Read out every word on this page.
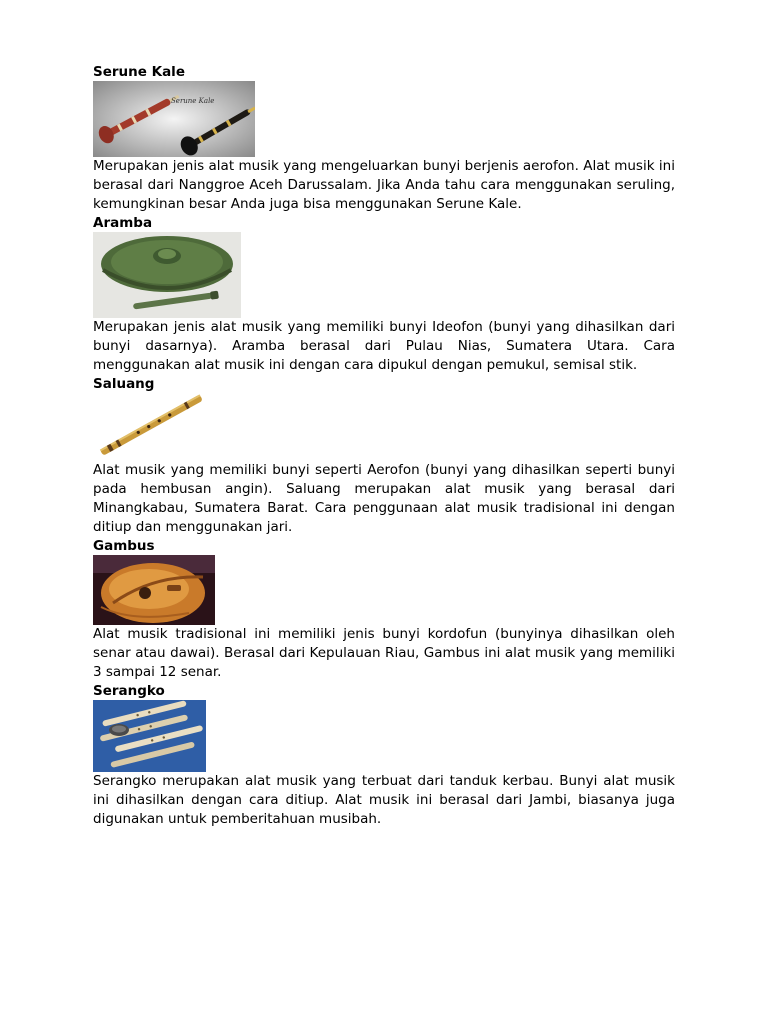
Serune Kale
Serune Kale

Merupakan jenis alat musik yang mengeluarkan bunyi berjenis aerofon. Alat musik ini berasal dari Nanggroe Aceh Darussalam. Jika Anda tahu cara menggunakan seruling, kemungkinan besar Anda juga bisa menggunakan Serune Kale.

Aramba

Merupakan jenis alat musik yang memiliki bunyi Ideofon (bunyi yang dihasilkan dari bunyi dasarnya). Aramba berasal dari Pulau Nias, Sumatera Utara. Cara menggunakan alat musik ini dengan cara dipukul dengan pemukul, semisal stik.

Saluang

Alat musik yang memiliki bunyi seperti Aerofon (bunyi yang dihasilkan seperti bunyi pada hembusan angin). Saluang merupakan alat musik yang berasal dari Minangkabau, Sumatera Barat. Cara penggunaan alat musik tradisional ini dengan ditiup dan menggunakan jari.

Gambus

Alat musik tradisional ini memiliki jenis bunyi kordofun (bunyinya dihasilkan oleh senar atau dawai). Berasal dari Kepulauan Riau, Gambus ini alat musik yang memiliki 3 sampai 12 senar.

Serangko

Serangko merupakan alat musik yang terbuat dari tanduk kerbau. Bunyi alat musik ini dihasilkan dengan cara ditiup. Alat musik ini berasal dari Jambi, biasanya juga digunakan untuk pemberitahuan musibah.
